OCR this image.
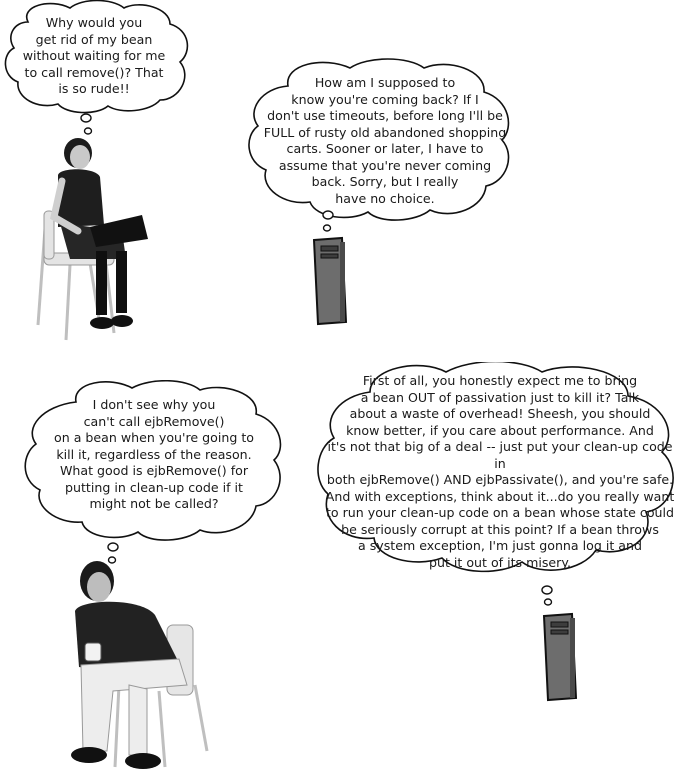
Why would you
get rid of my bean
without waiting for me
to call remove()? That
is so rude!!	How am I supposed to
know you're coming back? If I
don't use timeouts, before long I'll be
FULL of rusty old abandoned shopping
carts. Sooner or later, I have to
assume that you're never coming
back. Sorry, but I really
have no choice.

I don't see why you
can't call ejbRemove()
on a bean when you're going to
kill it, regardless of the reason.
What good is ejbRemove() for
putting in clean-up code if it
might not be called?

First of all, you honestly expect me to bring
a bean OUT of passivation just to kill it? Talk
about a waste of overhead! Sheesh, you should
know better, if you care about performance. And
it's not that big of a deal -- just put your clean-up code in
both ejbRemove() AND ejbPassivate(), and you're safe.
And with exceptions, think about it...do you really want
to run your clean-up code on a bean whose state could
be seriously corrupt at this point? If a bean throws
a system exception, I'm just gonna log it and
put it out of its misery.
